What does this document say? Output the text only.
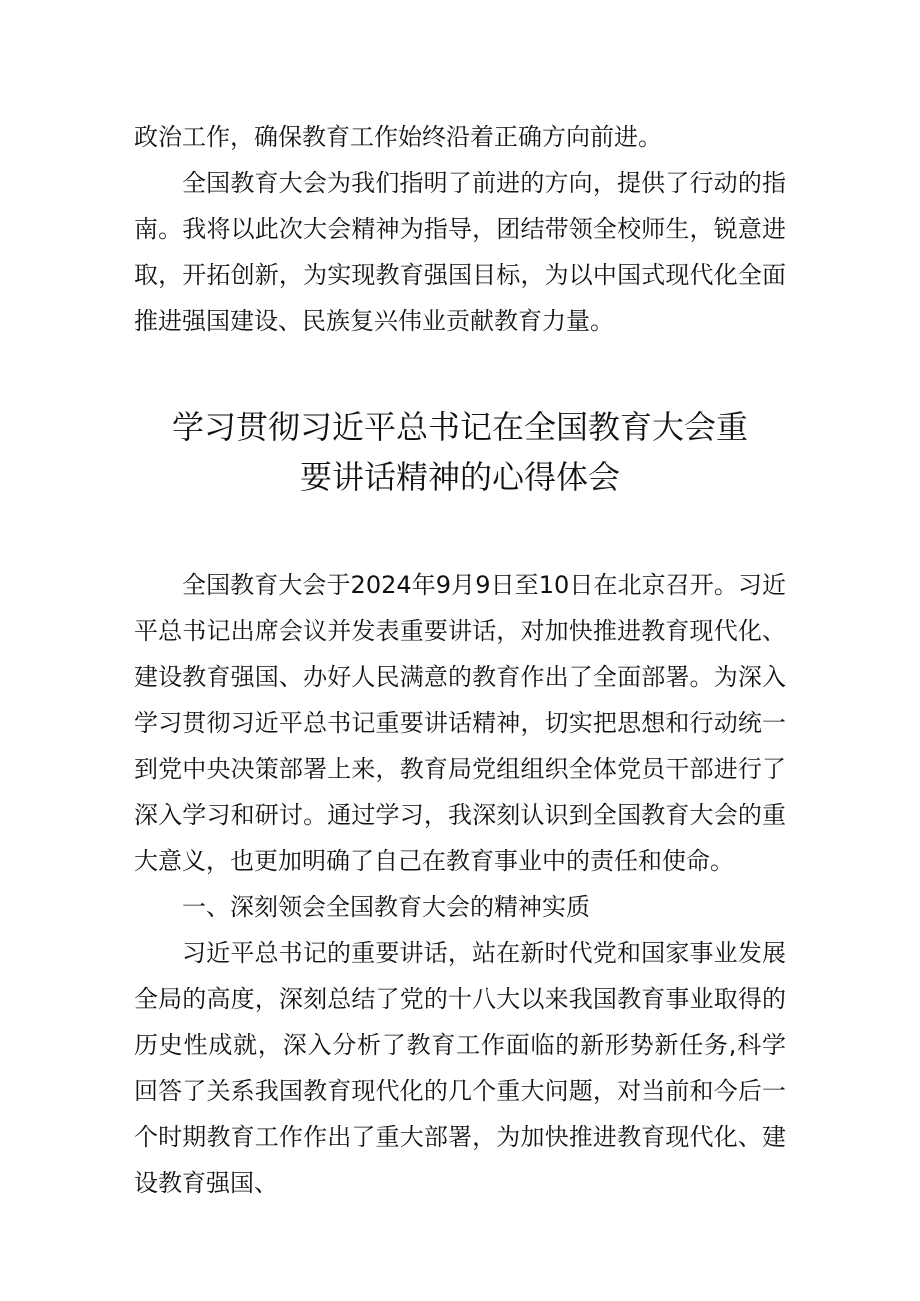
政治工作，确保教育工作始终沿着正确方向前进。

全国教育大会为我们指明了前进的方向，提供了行动的指南。我将以此次大会精神为指导，团结带领全校师生，锐意进取，开拓创新，为实现教育强国目标，为以中国式现代化全面推进强国建设、民族复兴伟业贡献教育力量。

学习贯彻习近平总书记在全国教育大会重
要讲话精神的心得体会

全国教育大会于2024年9月9日至10日在北京召开。习近平总书记出席会议并发表重要讲话，对加快推进教育现代化、建设教育强国、办好人民满意的教育作出了全面部署。为深入学习贯彻习近平总书记重要讲话精神，切实把思想和行动统一到党中央决策部署上来，教育局党组组织全体党员干部进行了深入学习和研讨。通过学习，我深刻认识到全国教育大会的重大意义，也更加明确了自己在教育事业中的责任和使命。

一、深刻领会全国教育大会的精神实质

习近平总书记的重要讲话，站在新时代党和国家事业发展全局的高度，深刻总结了党的十八大以来我国教育事业取得的历史性成就，深入分析了教育工作面临的新形势新任务,科学回答了关系我国教育现代化的几个重大问题，对当前和今后一个时期教育工作作出了重大部署，为加快推进教育现代化、建设教育强国、
